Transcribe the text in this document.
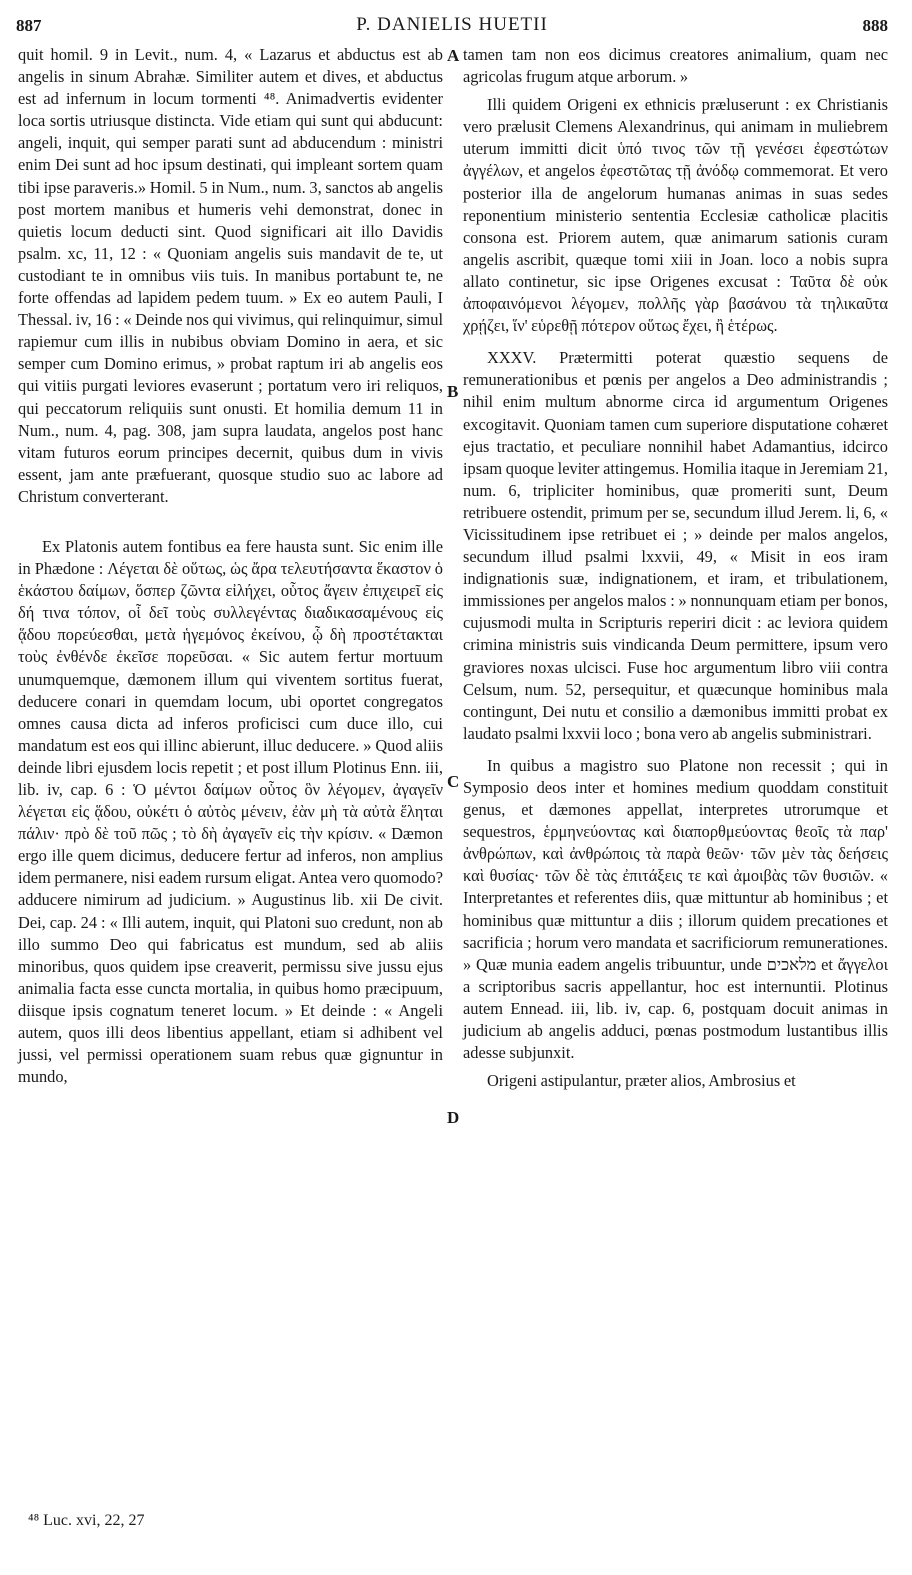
887	P. DANIELIS HUETII	888

quit homil. 9 in Levit., num. 4, « Lazarus et abductus est ab angelis in sinum Abrahæ. Similiter autem et dives, et abductus est ad infernum in locum tormenti ⁴⁸. Animadvertis evidenter loca sortis utriusque distincta. Vide etiam qui sunt qui abducunt: angeli, inquit, qui semper parati sunt ad abducendum : ministri enim Dei sunt ad hoc ipsum destinati, qui impleant sortem quam tibi ipse paraveris.» Homil. 5 in Num., num. 3, sanctos ab angelis post mortem manibus et humeris vehi demonstrat, donec in quietis locum deducti sint. Quod significari ait illo Davidis psalm. xc, 11, 12 : « Quoniam angelis suis mandavit de te, ut custodiant te in omnibus viis tuis. In manibus portabunt te, ne forte offendas ad lapidem pedem tuum. » Ex eo autem Pauli, I Thessal. iv, 16 : « Deinde nos qui vivimus, qui relinquimur, simul rapiemur cum illis in nubibus obviam Domino in aera, et sic semper cum Domino erimus, » probat raptum iri ab angelis eos qui vitiis purgati leviores evaserunt ; portatum vero iri reliquos, qui peccatorum reliquiis sunt onusti. Et homilia demum 11 in Num., num. 4, pag. 308, jam supra laudata, angelos post hanc vitam futuros eorum principes decernit, quibus dum in vivis essent, jam ante præfuerant, quosque studio suo ac labore ad Christum converterant.

Ex Platonis autem fontibus ea fere hausta sunt. Sic enim ille in Phædone : Λέγεται δὲ οὕτως, ὡς ἄρα τελευτήσαντα ἕκαστον ὁ ἑκάστου δαίμων, ὅσπερ ζῶντα εἰλήχει, οὗτος ἄγειν ἐπιχειρεῖ εἰς δή τινα τόπον, οἷ δεῖ τοὺς συλλεγέντας διαδικασαμένους εἰς ᾅδου πορεύεσθαι, μετὰ ἡγεμόνος ἐκείνου, ᾧ δὴ προστέτακται τοὺς ἐνθένδε ἐκεῖσε πορεῦσαι. « Sic autem fertur mortuum unumquemque, dæmonem illum qui viventem sortitus fuerat, deducere conari in quemdam locum, ubi oportet congregatos omnes causa dicta ad inferos proficisci cum duce illo, cui mandatum est eos qui illinc abierunt, illuc deducere. » Quod aliis deinde libri ejusdem locis repetit ; et post illum Plotinus Enn. iii, lib. iv, cap. 6 : Ὁ μέντοι δαίμων οὗτος ὃν λέγομεν, ἀγαγεῖν λέγεται εἰς ᾅδου, οὐκέτι ὁ αὐτὸς μένειν, ἐὰν μὴ τὰ αὐτὰ ἕληται πάλιν· πρὸ δὲ τοῦ πῶς ; τὸ δὴ ἀγαγεῖν εἰς τὴν κρίσιν. « Dæmon ergo ille quem dicimus, deducere fertur ad inferos, non amplius idem permanere, nisi eadem rursum eligat. Antea vero quomodo? adducere nimirum ad judicium. » Augustinus lib. xii De civit. Dei, cap. 24 : « Illi autem, inquit, qui Platoni suo credunt, non ab illo summo Deo qui fabricatus est mundum, sed ab aliis minoribus, quos quidem ipse creaverit, permissu sive jussu ejus animalia facta esse cuncta mortalia, in quibus homo præcipuum, diisque ipsis cognatum teneret locum. » Et deinde : « Angeli autem, quos illi deos libentius appellant, etiam si adhibent vel jussi, vel permissi operationem suam rebus quæ gignuntur in mundo,

A
B
C
D

tamen tam non eos dicimus creatores animalium, quam nec agricolas frugum atque arborum. »

Illi quidem Origeni ex ethnicis præluserunt : ex Christianis vero prælusit Clemens Alexandrinus, qui animam in muliebrem uterum immitti dicit ὑπό τινος τῶν τῇ γενέσει ἐφεστώτων ἀγγέλων, et angelos ἐφεστῶτας τῇ ἀνόδῳ commemorat. Et vero posterior illa de angelorum humanas animas in suas sedes reponentium ministerio sententia Ecclesiæ catholicæ placitis consona est. Priorem autem, quæ animarum sationis curam angelis ascribit, quæque tomi xiii in Joan. loco a nobis supra allato continetur, sic ipse Origenes excusat : Ταῦτα δὲ οὐκ ἀποφαινόμενοι λέγομεν, πολλῆς γὰρ βασάνου τὰ τηλικαῦτα χρῄζει, ἵν' εὑρεθῇ πότερον οὕτως ἔχει, ἢ ἑτέρως.

XXXV. Prætermitti poterat quæstio sequens de remunerationibus et pœnis per angelos a Deo administrandis ; nihil enim multum abnorme circa id argumentum Origenes excogitavit. Quoniam tamen cum superiore disputatione cohæret ejus tractatio, et peculiare nonnihil habet Adamantius, idcirco ipsam quoque leviter attingemus. Homilia itaque in Jeremiam 21, num. 6, tripliciter hominibus, quæ promeriti sunt, Deum retribuere ostendit, primum per se, secundum illud Jerem. li, 6, « Vicissitudinem ipse retribuet ei ; » deinde per malos angelos, secundum illud psalmi lxxvii, 49, « Misit in eos iram indignationis suæ, indignationem, et iram, et tribulationem, immissiones per angelos malos : » nonnunquam etiam per bonos, cujusmodi multa in Scripturis reperiri dicit : ac leviora quidem crimina ministris suis vindicanda Deum permittere, ipsum vero graviores noxas ulcisci. Fuse hoc argumentum libro viii contra Celsum, num. 52, persequitur, et quæcunque hominibus mala contingunt, Dei nutu et consilio a dæmonibus immitti probat ex laudato psalmi lxxvii loco ; bona vero ab angelis subministrari.

In quibus a magistro suo Platone non recessit ; qui in Symposio deos inter et homines medium quoddam constituit genus, et dæmones appellat, interpretes utrorumque et sequestros, ἑρμηνεύοντας καὶ διαπορθμεύοντας θεοῖς τὰ παρ' ἀνθρώπων, καὶ ἀνθρώποις τὰ παρὰ θεῶν· τῶν μὲν τὰς δεήσεις καὶ θυσίας· τῶν δὲ τὰς ἐπιτάξεις τε καὶ ἀμοιβὰς τῶν θυσιῶν. « Interpretantes et referentes diis, quæ mittuntur ab hominibus ; et hominibus quæ mittuntur a diis ; illorum quidem precationes et sacrificia ; horum vero mandata et sacrificiorum remunerationes. » Quæ munia eadem angelis tribuuntur, unde מלאכים et ἄγγελοι a scriptoribus sacris appellantur, hoc est internuntii. Plotinus autem Ennead. iii, lib. iv, cap. 6, postquam docuit animas in judicium ab angelis adduci, pœnas postmodum lustantibus illis adesse subjunxit.

Origeni astipulantur, præter alios, Ambrosius et

⁴⁸ Luc. xvi, 22, 27
